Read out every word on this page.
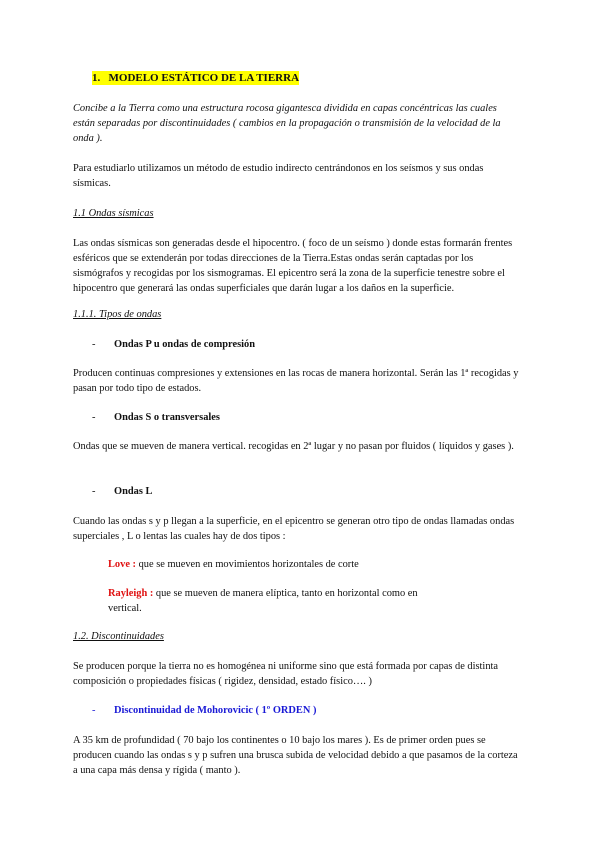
1. MODELO ESTÁTICO DE LA TIERRA

Concibe a la Tierra como una estructura rocosa gigantesca dividida en capas concéntricas las cuales están separadas por discontinuidades ( cambios en la propagación o transmisión de la velocidad de la onda ).

Para estudiarlo utilizamos un método de estudio indirecto centrándonos en los seísmos y sus ondas sísmicas.

1.1 Ondas sísmicas

Las ondas sísmicas son generadas desde el hipocentro. ( foco de un seísmo ) donde estas formarán frentes esféricos que se extenderán por todas direcciones de la Tierra.Estas ondas serán captadas por los sismógrafos y recogidas por los sismogramas. El epicentro será la zona de la superficie tenestre sobre el hipocentro que generará las ondas superficiales que darán lugar a los daños en la superficie.

1.1.1. Tipos de ondas

- Ondas P u ondas de compresión

Producen continuas compresiones y extensiones en las rocas de manera horizontal. Serán las 1ª recogidas y pasan por todo tipo de estados.

- Ondas S o transversales

Ondas que se mueven de manera vertical. recogidas en 2ª lugar y no pasan por fluidos ( líquidos y gases ).

- Ondas L

Cuando las ondas s y p llegan a la superficie, en el epicentro se generan otro tipo de ondas llamadas ondas superciales , L o lentas las cuales hay de dos tipos :

Love : que se mueven en movimientos horizontales de corte

Rayleigh : que se mueven de manera elíptica, tanto en horizontal como en vertical.

1.2. Discontinuidades

Se producen porque la tierra no es homogénea ni uniforme sino que está formada por capas de distinta composición o propiedades físicas ( rigidez, densidad, estado físico…. )

- Discontinuidad de Mohorovicic ( 1º ORDEN )

A 35 km de profundidad ( 70 bajo los continentes o 10 bajo los mares ). Es de primer orden pues se producen cuando las ondas s y p sufren una brusca subida de velocidad debido a que pasamos de la corteza a una capa más densa y rígida ( manto ).
